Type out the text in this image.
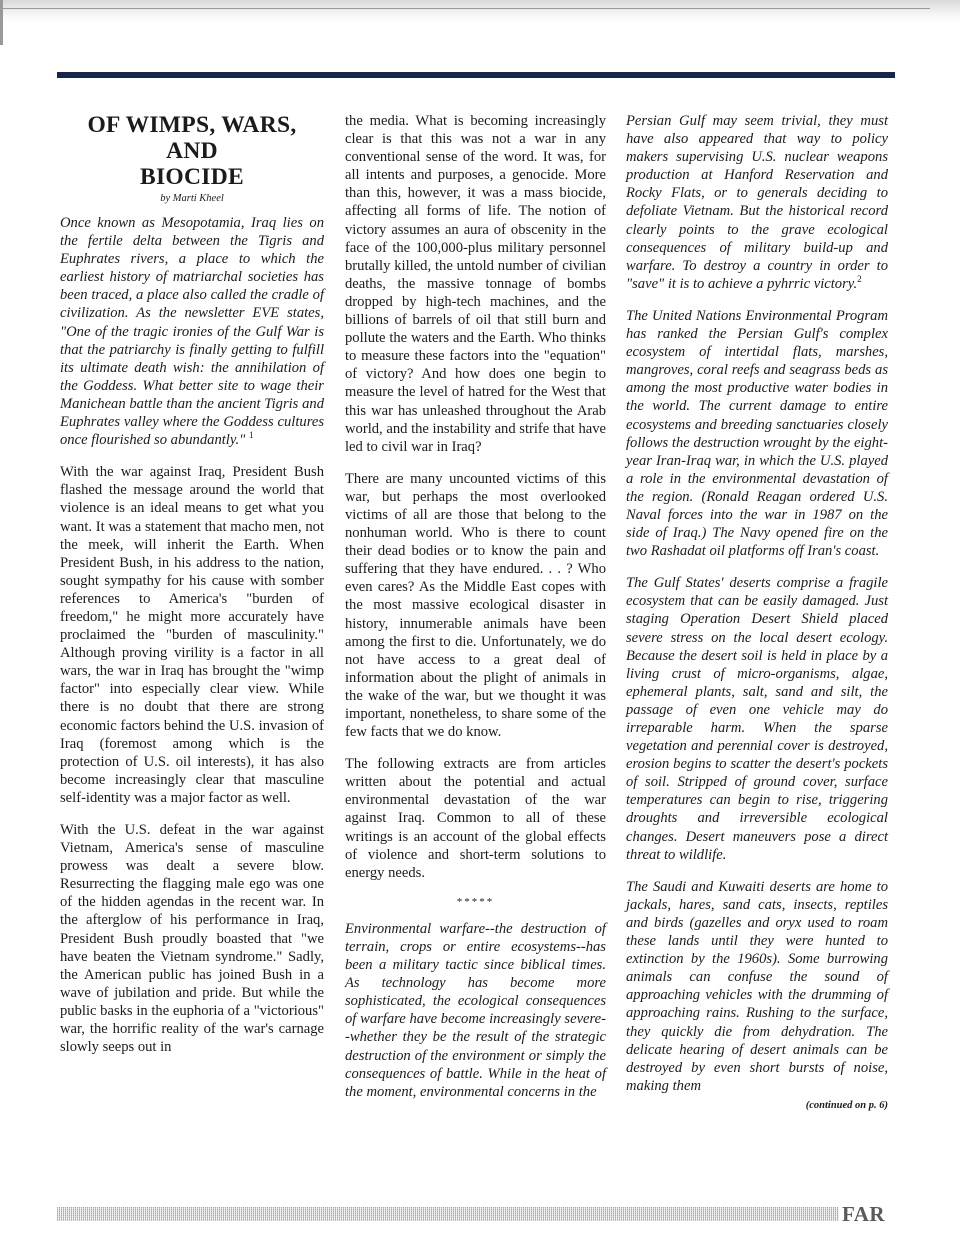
OF WIMPS, WARS,
AND
BIOCIDE
by Marti Kheel

Once known as Mesopotamia, Iraq lies on the fertile delta between the Tigris and Euphrates rivers, a place to which the earliest history of matriarchal societies has been traced, a place also called the cradle of civilization. As the newsletter EVE states, "One of the tragic ironies of the Gulf War is that the patriarchy is finally getting to fulfill its ultimate death wish: the annihilation of the Goddess. What better site to wage their Manichean battle than the ancient Tigris and Euphrates valley where the Goddess cultures once flourished so abundantly." $^1$

With the war against Iraq, President Bush flashed the message around the world that violence is an ideal means to get what you want. It was a statement that macho men, not the meek, will inherit the Earth. When President Bush, in his address to the nation, sought sympathy for his cause with somber references to America's "burden of freedom," he might more accurately have proclaimed the "burden of masculinity." Although proving virility is a factor in all wars, the war in Iraq has brought the "wimp factor" into especially clear view. While there is no doubt that there are strong economic factors behind the U.S. invasion of Iraq (foremost among which is the protection of U.S. oil interests), it has also become increasingly clear that masculine self-identity was a major factor as well.

With the U.S. defeat in the war against Vietnam, America's sense of masculine prowess was dealt a severe blow. Resurrecting the flagging male ego was one of the hidden agendas in the recent war. In the afterglow of his performance in Iraq, President Bush proudly boasted that "we have beaten the Vietnam syndrome." Sadly, the American public has joined Bush in a wave of jubilation and pride. But while the public basks in the euphoria of a "victorious" war, the horrific reality of the war's carnage slowly seeps out in

the media. What is becoming increasingly clear is that this was not a war in any conventional sense of the word. It was, for all intents and purposes, a genocide. More than this, however, it was a mass biocide, affecting all forms of life. The notion of victory assumes an aura of obscenity in the face of the 100,000-plus military personnel brutally killed, the untold number of civilian deaths, the massive tonnage of bombs dropped by high-tech machines, and the billions of barrels of oil that still burn and pollute the waters and the Earth. Who thinks to measure these factors into the "equation" of victory? And how does one begin to measure the level of hatred for the West that this war has unleashed throughout the Arab world, and the instability and strife that have led to civil war in Iraq?

There are many uncounted victims of this war, but perhaps the most overlooked victims of all are those that belong to the nonhuman world. Who is there to count their dead bodies or to know the pain and suffering that they have endured. . . ? Who even cares? As the Middle East copes with the most massive ecological disaster in history, innumerable animals have been among the first to die. Unfortunately, we do not have access to a great deal of information about the plight of animals in the wake of the war, but we thought it was important, nonetheless, to share some of the few facts that we do know.

The following extracts are from articles written about the potential and actual environmental devastation of the war against Iraq. Common to all of these writings is an account of the global effects of violence and short-term solutions to energy needs.

*****

Environmental warfare--the destruction of terrain, crops or entire ecosystems--has been a military tactic since biblical times. As technology has become more sophisticated, the ecological consequences of warfare have become increasingly severe--whether they be the result of the strategic destruction of the environment or simply the consequences of battle. While in the heat of the moment, environmental concerns in the

Persian Gulf may seem trivial, they must have also appeared that way to policy makers supervising U.S. nuclear weapons production at Hanford Reservation and Rocky Flats, or to generals deciding to defoliate Vietnam. But the historical record clearly points to the grave ecological consequences of military build-up and warfare. To destroy a country in order to "save" it is to achieve a pyhrric victory.$^2$

The United Nations Environmental Program has ranked the Persian Gulf's complex ecosystem of intertidal flats, marshes, mangroves, coral reefs and seagrass beds as among the most productive water bodies in the world. The current damage to entire ecosystems and breeding sanctuaries closely follows the destruction wrought by the eight-year Iran-Iraq war, in which the U.S. played a role in the environmental devastation of the region. (Ronald Reagan ordered U.S. Naval forces into the war in 1987 on the side of Iraq.) The Navy opened fire on the two Rashadat oil platforms off Iran's coast.

The Gulf States' deserts comprise a fragile ecosystem that can be easily damaged. Just staging Operation Desert Shield placed severe stress on the local desert ecology. Because the desert soil is held in place by a living crust of micro-organisms, algae, ephemeral plants, salt, sand and silt, the passage of even one vehicle may do irreparable harm. When the sparse vegetation and perennial cover is destroyed, erosion begins to scatter the desert's pockets of soil. Stripped of ground cover, surface temperatures can begin to rise, triggering droughts and irreversible ecological changes. Desert maneuvers pose a direct threat to wildlife.

The Saudi and Kuwaiti deserts are home to jackals, hares, sand cats, insects, reptiles and birds (gazelles and oryx used to roam these lands until they were hunted to extinction by the 1960s). Some burrowing animals can confuse the sound of approaching vehicles with the drumming of approaching rains. Rushing to the surface, they quickly die from dehydration. The delicate hearing of desert animals can be destroyed by even short bursts of noise, making them

(continued on p. 6)
FAR
